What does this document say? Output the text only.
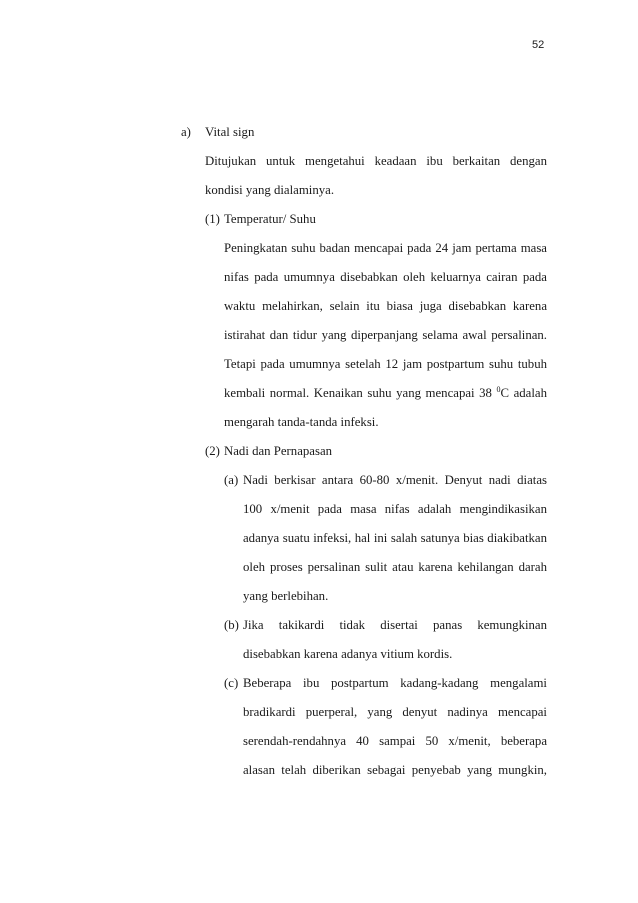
52
a) Vital sign
Ditujukan untuk mengetahui keadaan ibu berkaitan dengan
kondisi yang dialaminya.
(1) Temperatur/ Suhu
Peningkatan suhu badan mencapai pada 24 jam pertama masa
nifas pada umumnya disebabkan oleh keluarnya cairan pada
waktu melahirkan, selain itu biasa juga disebabkan karena
istirahat dan tidur yang diperpanjang selama awal persalinan.
Tetapi pada umumnya setelah 12 jam postpartum suhu tubuh
kembali normal. Kenaikan suhu yang mencapai 38 $^0$C adalah
mengarah tanda-tanda infeksi.
(2) Nadi dan Pernapasan
(a) Nadi berkisar antara 60-80 x/menit. Denyut nadi diatas
100 x/menit pada masa nifas adalah mengindikasikan
adanya suatu infeksi, hal ini salah satunya bias diakibatkan
oleh proses persalinan sulit atau karena kehilangan darah
yang berlebihan.
(b) Jika takikardi tidak disertai panas kemungkinan
disebabkan karena adanya vitium kordis.
(c) Beberapa ibu postpartum kadang-kadang mengalami
bradikardi puerperal, yang denyut nadinya mencapai
serendah-rendahnya 40 sampai 50 x/menit, beberapa
alasan telah diberikan sebagai penyebab yang mungkin,
